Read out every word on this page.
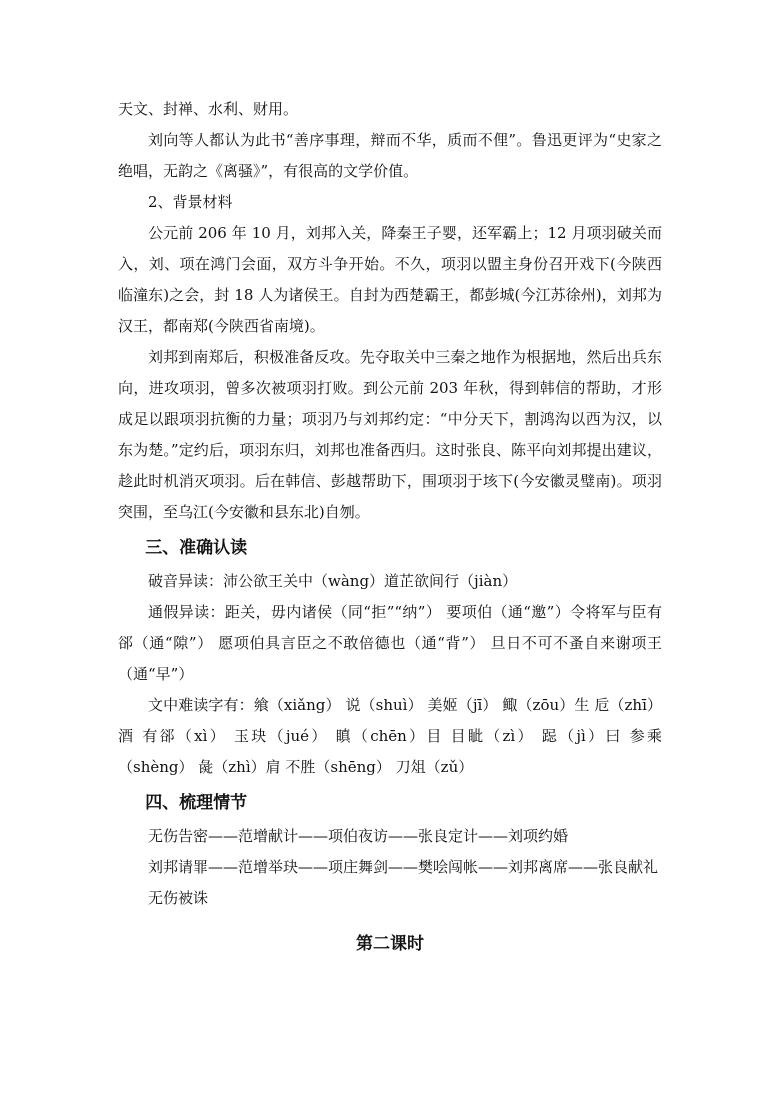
天文、封禅、水利、财用。

刘向等人都认为此书“善序事理，辩而不华，质而不俚”。鲁迅更评为“史家之绝唱，无韵之《离骚》”，有很高的文学价值。

2、背景材料

公元前 206 年 10 月，刘邦入关，降秦王子婴，还军霸上；12 月项羽破关而入，刘、项在鸿门会面，双方斗争开始。不久，项羽以盟主身份召开戏下(今陕西临潼东)之会，封 18 人为诸侯王。自封为西楚霸王，都彭城(今江苏徐州)，刘邦为汉王，都南郑(今陕西省南境)。

刘邦到南郑后，积极准备反攻。先夺取关中三秦之地作为根据地，然后出兵东向，进攻项羽，曾多次被项羽打败。到公元前 203 年秋，得到韩信的帮助，才形成足以跟项羽抗衡的力量；项羽乃与刘邦约定：“中分天下，割鸿沟以西为汉，以东为楚。”定约后，项羽东归，刘邦也准备西归。这时张良、陈平向刘邦提出建议，趁此时机消灭项羽。后在韩信、彭越帮助下，围项羽于垓下(今安徽灵璧南)。项羽突围，至乌江(今安徽和县东北)自刎。

三、准确认读

破音异读：沛公欲王关中（wàng）道芷欲间行（jiàn）

通假异读：距关，毋内诸侯（同“拒”“纳”） 要项伯（通“邀”）令将军与臣有郤（通“隙”） 愿项伯具言臣之不敢倍德也（通“背”） 旦日不可不蚤自来谢项王（通“早”）

文中难读字有：飨（xiǎng） 说（shuì） 美姬（jī） 鲰（zōu）生 卮（zhī）酒 有郤（xì） 玉玦（jué） 瞋（chēn）目 目眦（zì） 跽（jì）曰 参乘（shèng） 彘（zhì）肩 不胜（shēng） 刀俎（zǔ）

四、梳理情节

无伤告密——范增献计——项伯夜访——张良定计——刘项约婚

刘邦请罪——范增举玦——项庄舞剑——樊哙闯帐——刘邦离席——张良献礼

无伤被诛

第二课时
